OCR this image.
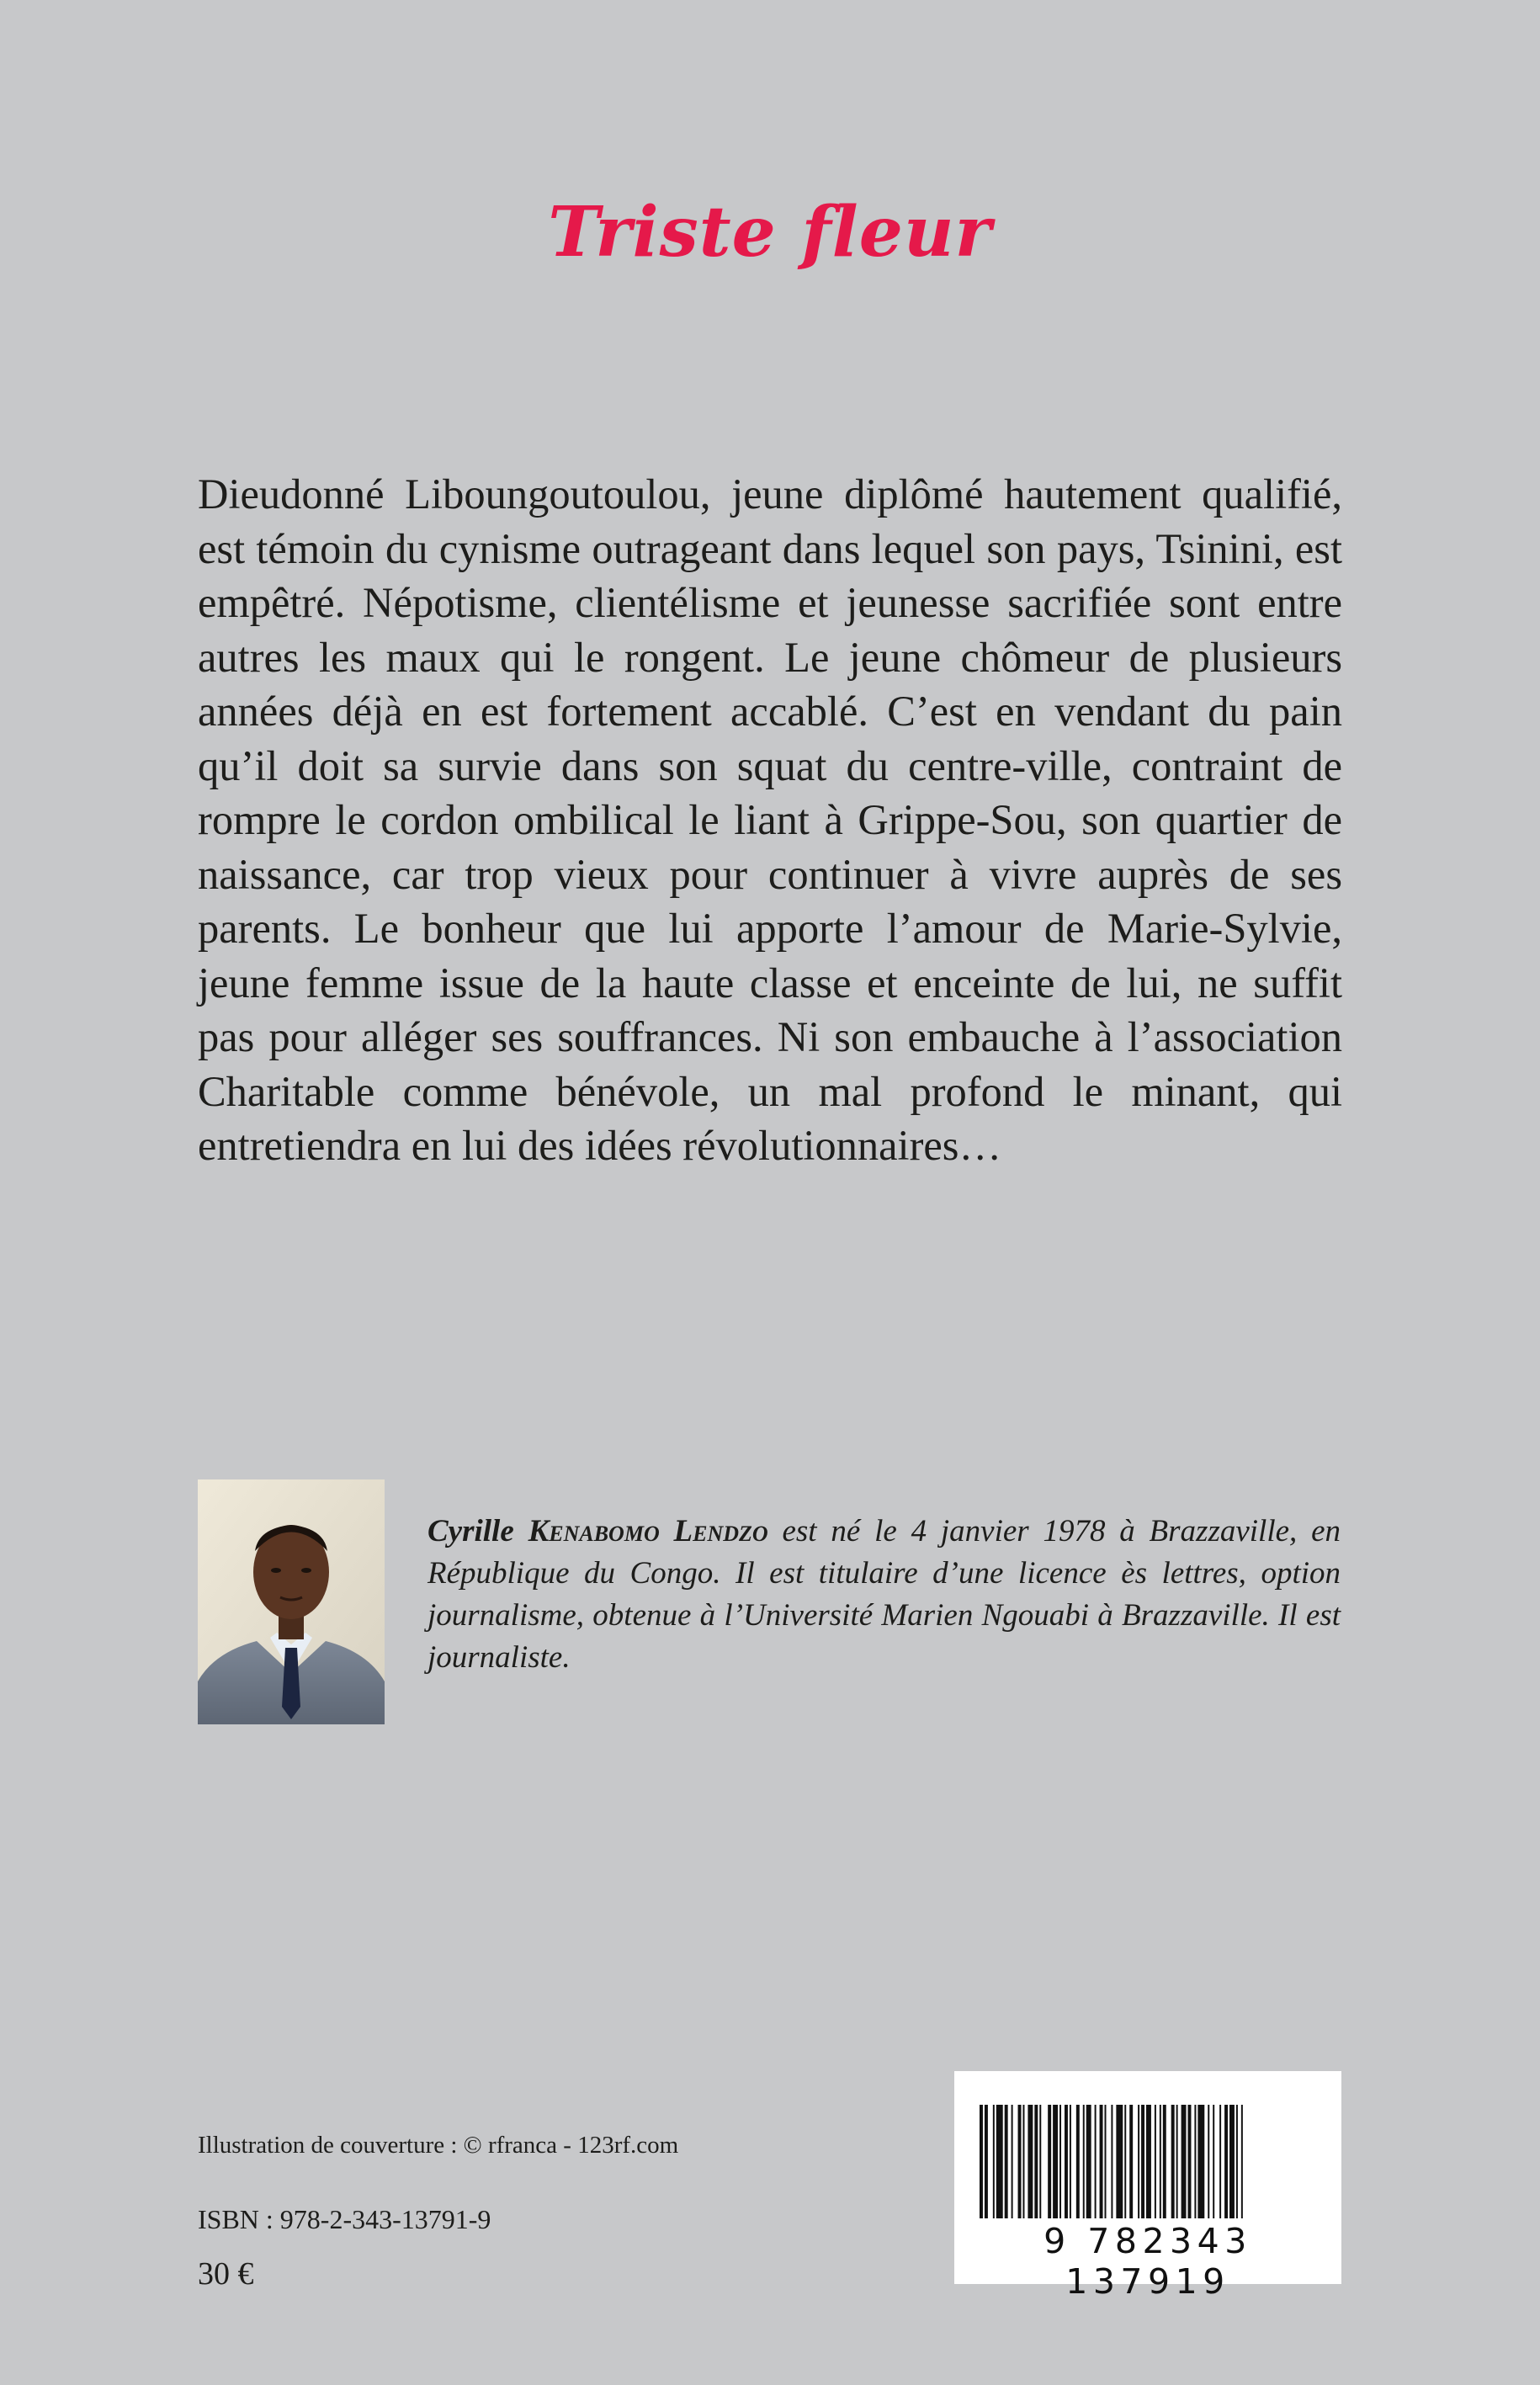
Triste fleur
Dieudonné Liboungoutoulou, jeune diplômé hautement qualifié, est témoin du cynisme outrageant dans lequel son pays, Tsinini, est empêtré. Népotisme, clientélisme et jeunesse sacrifiée sont entre autres les maux qui le rongent. Le jeune chômeur de plusieurs années déjà en est fortement accablé. C’est en vendant du pain qu’il doit sa survie dans son squat du centre-ville, contraint de rompre le cordon ombilical le liant à Grippe-Sou, son quartier de naissance, car trop vieux pour continuer à vivre auprès de ses parents. Le bonheur que lui apporte l’amour de Marie-Sylvie, jeune femme issue de la haute classe et enceinte de lui, ne suffit pas pour alléger ses souffrances. Ni son embauche à l’association Charitable comme bénévole, un mal profond le minant, qui entretiendra en lui des idées révolutionnaires…
Cyrille Kenabomo Lendzo est né le 4 janvier 1978 à Brazzaville, en République du Congo. Il est titulaire d’une licence ès lettres, option journalisme, obtenue à l’Université Marien Ngouabi à Brazzaville. Il est journaliste.
Illustration de couverture : © rfranca - 123rf.com
ISBN : 978-2-343-13791-9
30 €
9 782343 137919
